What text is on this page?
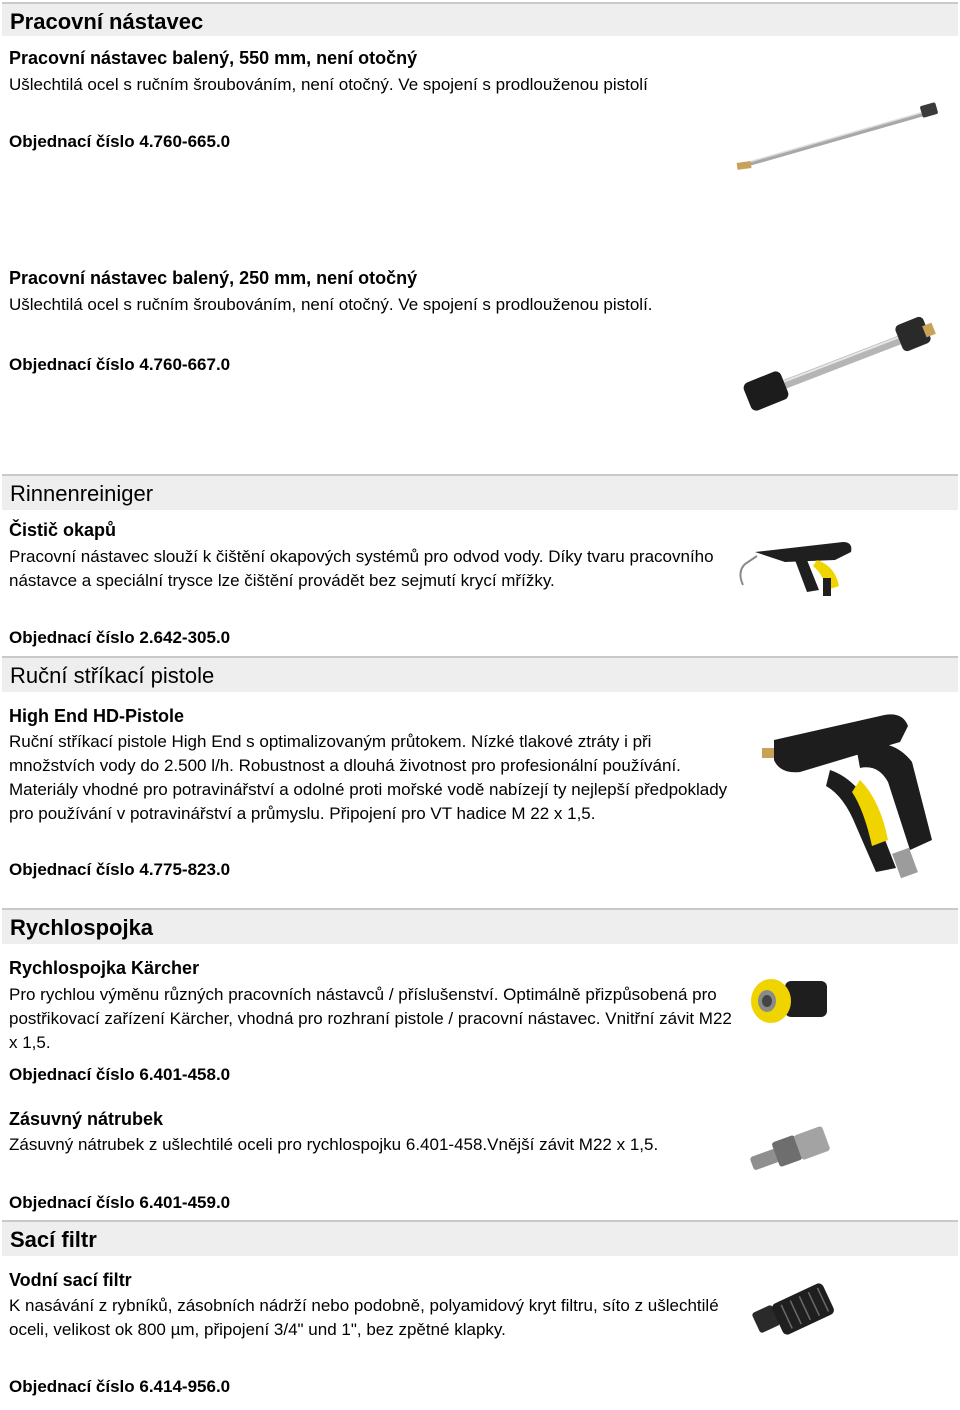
Pracovní nástavec
Pracovní nástavec balený, 550 mm, není otočný
Ušlechtilá ocel s ručním šroubováním, není otočný. Ve spojení s prodlouženou pistolí
Objednací číslo 4.760-665.0
Pracovní nástavec balený, 250 mm, není otočný
Ušlechtilá ocel s ručním šroubováním, není otočný. Ve spojení s prodlouženou pistolí.
Objednací číslo 4.760-667.0
Rinnenreiniger
Čistič okapů
Pracovní nástavec slouží k čištění okapových systémů pro odvod vody. Díky tvaru pracovního nástavce a speciální trysce lze čištění provádět bez sejmutí krycí mřížky.
Objednací číslo 2.642-305.0
Ruční stříkací pistole
High End HD-Pistole
Ruční stříkací pistole High End s optimalizovaným průtokem. Nízké tlakové ztráty i při množstvích vody do 2.500 l/h. Robustnost a dlouhá životnost pro profesionální používání. Materiály vhodné pro potravinářství a odolné proti mořské vodě nabízejí ty nejlepší předpoklady pro používání v potravinářství a průmyslu. Připojení pro VT hadice M 22 x 1,5.
Objednací číslo 4.775-823.0
Rychlospojka
Rychlospojka Kärcher
Pro rychlou výměnu různých pracovních nástavců / příslušenství. Optimálně přizpůsobená pro postřikovací zařízení Kärcher, vhodná pro rozhraní pistole / pracovní nástavec. Vnitřní závit M22 x 1,5.
Objednací číslo 6.401-458.0
Zásuvný nátrubek
Zásuvný nátrubek z ušlechtilé oceli pro rychlospojku 6.401-458.Vnější závit M22 x 1,5.
Objednací číslo 6.401-459.0
Sací filtr
Vodní sací filtr
K nasávání z rybníků, zásobních nádrží nebo podobně, polyamidový kryt filtru, síto z ušlechtilé oceli, velikost ok 800 µm, připojení 3/4" und 1", bez zpětné klapky.
Objednací číslo 6.414-956.0
